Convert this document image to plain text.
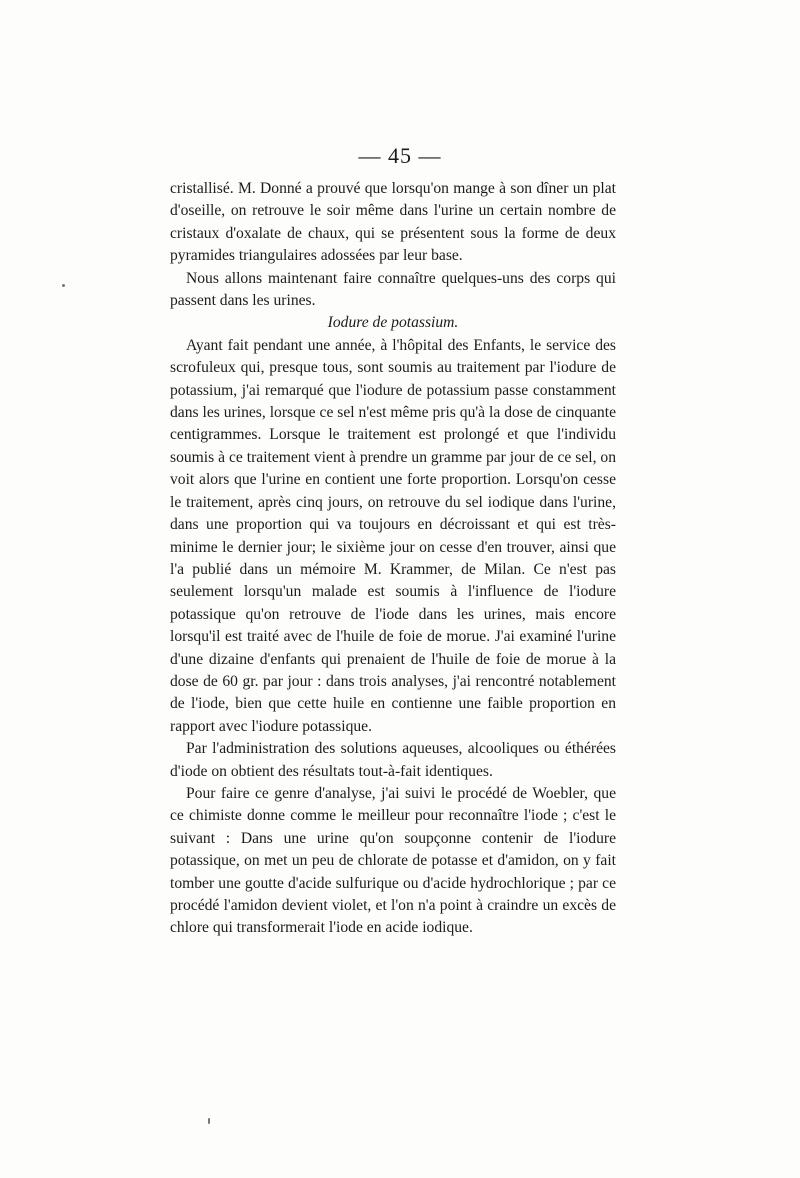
— 45 —

cristallisé. M. Donné a prouvé que lorsqu'on mange à son dîner un plat d'oseille, on retrouve le soir même dans l'urine un certain nombre de cristaux d'oxalate de chaux, qui se présentent sous la forme de deux pyramides triangulaires adossées par leur base.

Nous allons maintenant faire connaître quelques-uns des corps qui passent dans les urines.

Iodure de potassium.

Ayant fait pendant une année, à l'hôpital des Enfants, le service des scrofuleux qui, presque tous, sont soumis au traitement par l'iodure de potassium, j'ai remarqué que l'iodure de potassium passe constamment dans les urines, lorsque ce sel n'est même pris qu'à la dose de cinquante centigrammes. Lorsque le traitement est prolongé et que l'individu soumis à ce traitement vient à prendre un gramme par jour de ce sel, on voit alors que l'urine en contient une forte proportion. Lorsqu'on cesse le traitement, après cinq jours, on retrouve du sel iodique dans l'urine, dans une proportion qui va toujours en décroissant et qui est très-minime le dernier jour; le sixième jour on cesse d'en trouver, ainsi que l'a publié dans un mémoire M. Krammer, de Milan. Ce n'est pas seulement lorsqu'un malade est soumis à l'influence de l'iodure potassique qu'on retrouve de l'iode dans les urines, mais encore lorsqu'il est traité avec de l'huile de foie de morue. J'ai examiné l'urine d'une dizaine d'enfants qui prenaient de l'huile de foie de morue à la dose de 60 gr. par jour : dans trois analyses, j'ai rencontré notablement de l'iode, bien que cette huile en contienne une faible proportion en rapport avec l'iodure potassique.

Par l'administration des solutions aqueuses, alcooliques ou éthérées d'iode on obtient des résultats tout-à-fait identiques.

Pour faire ce genre d'analyse, j'ai suivi le procédé de Woebler, que ce chimiste donne comme le meilleur pour reconnaître l'iode ; c'est le suivant : Dans une urine qu'on soupçonne contenir de l'iodure potassique, on met un peu de chlorate de potasse et d'amidon, on y fait tomber une goutte d'acide sulfurique ou d'acide hydrochlorique ; par ce procédé l'amidon devient violet, et l'on n'a point à craindre un excès de chlore qui transformerait l'iode en acide iodique.
